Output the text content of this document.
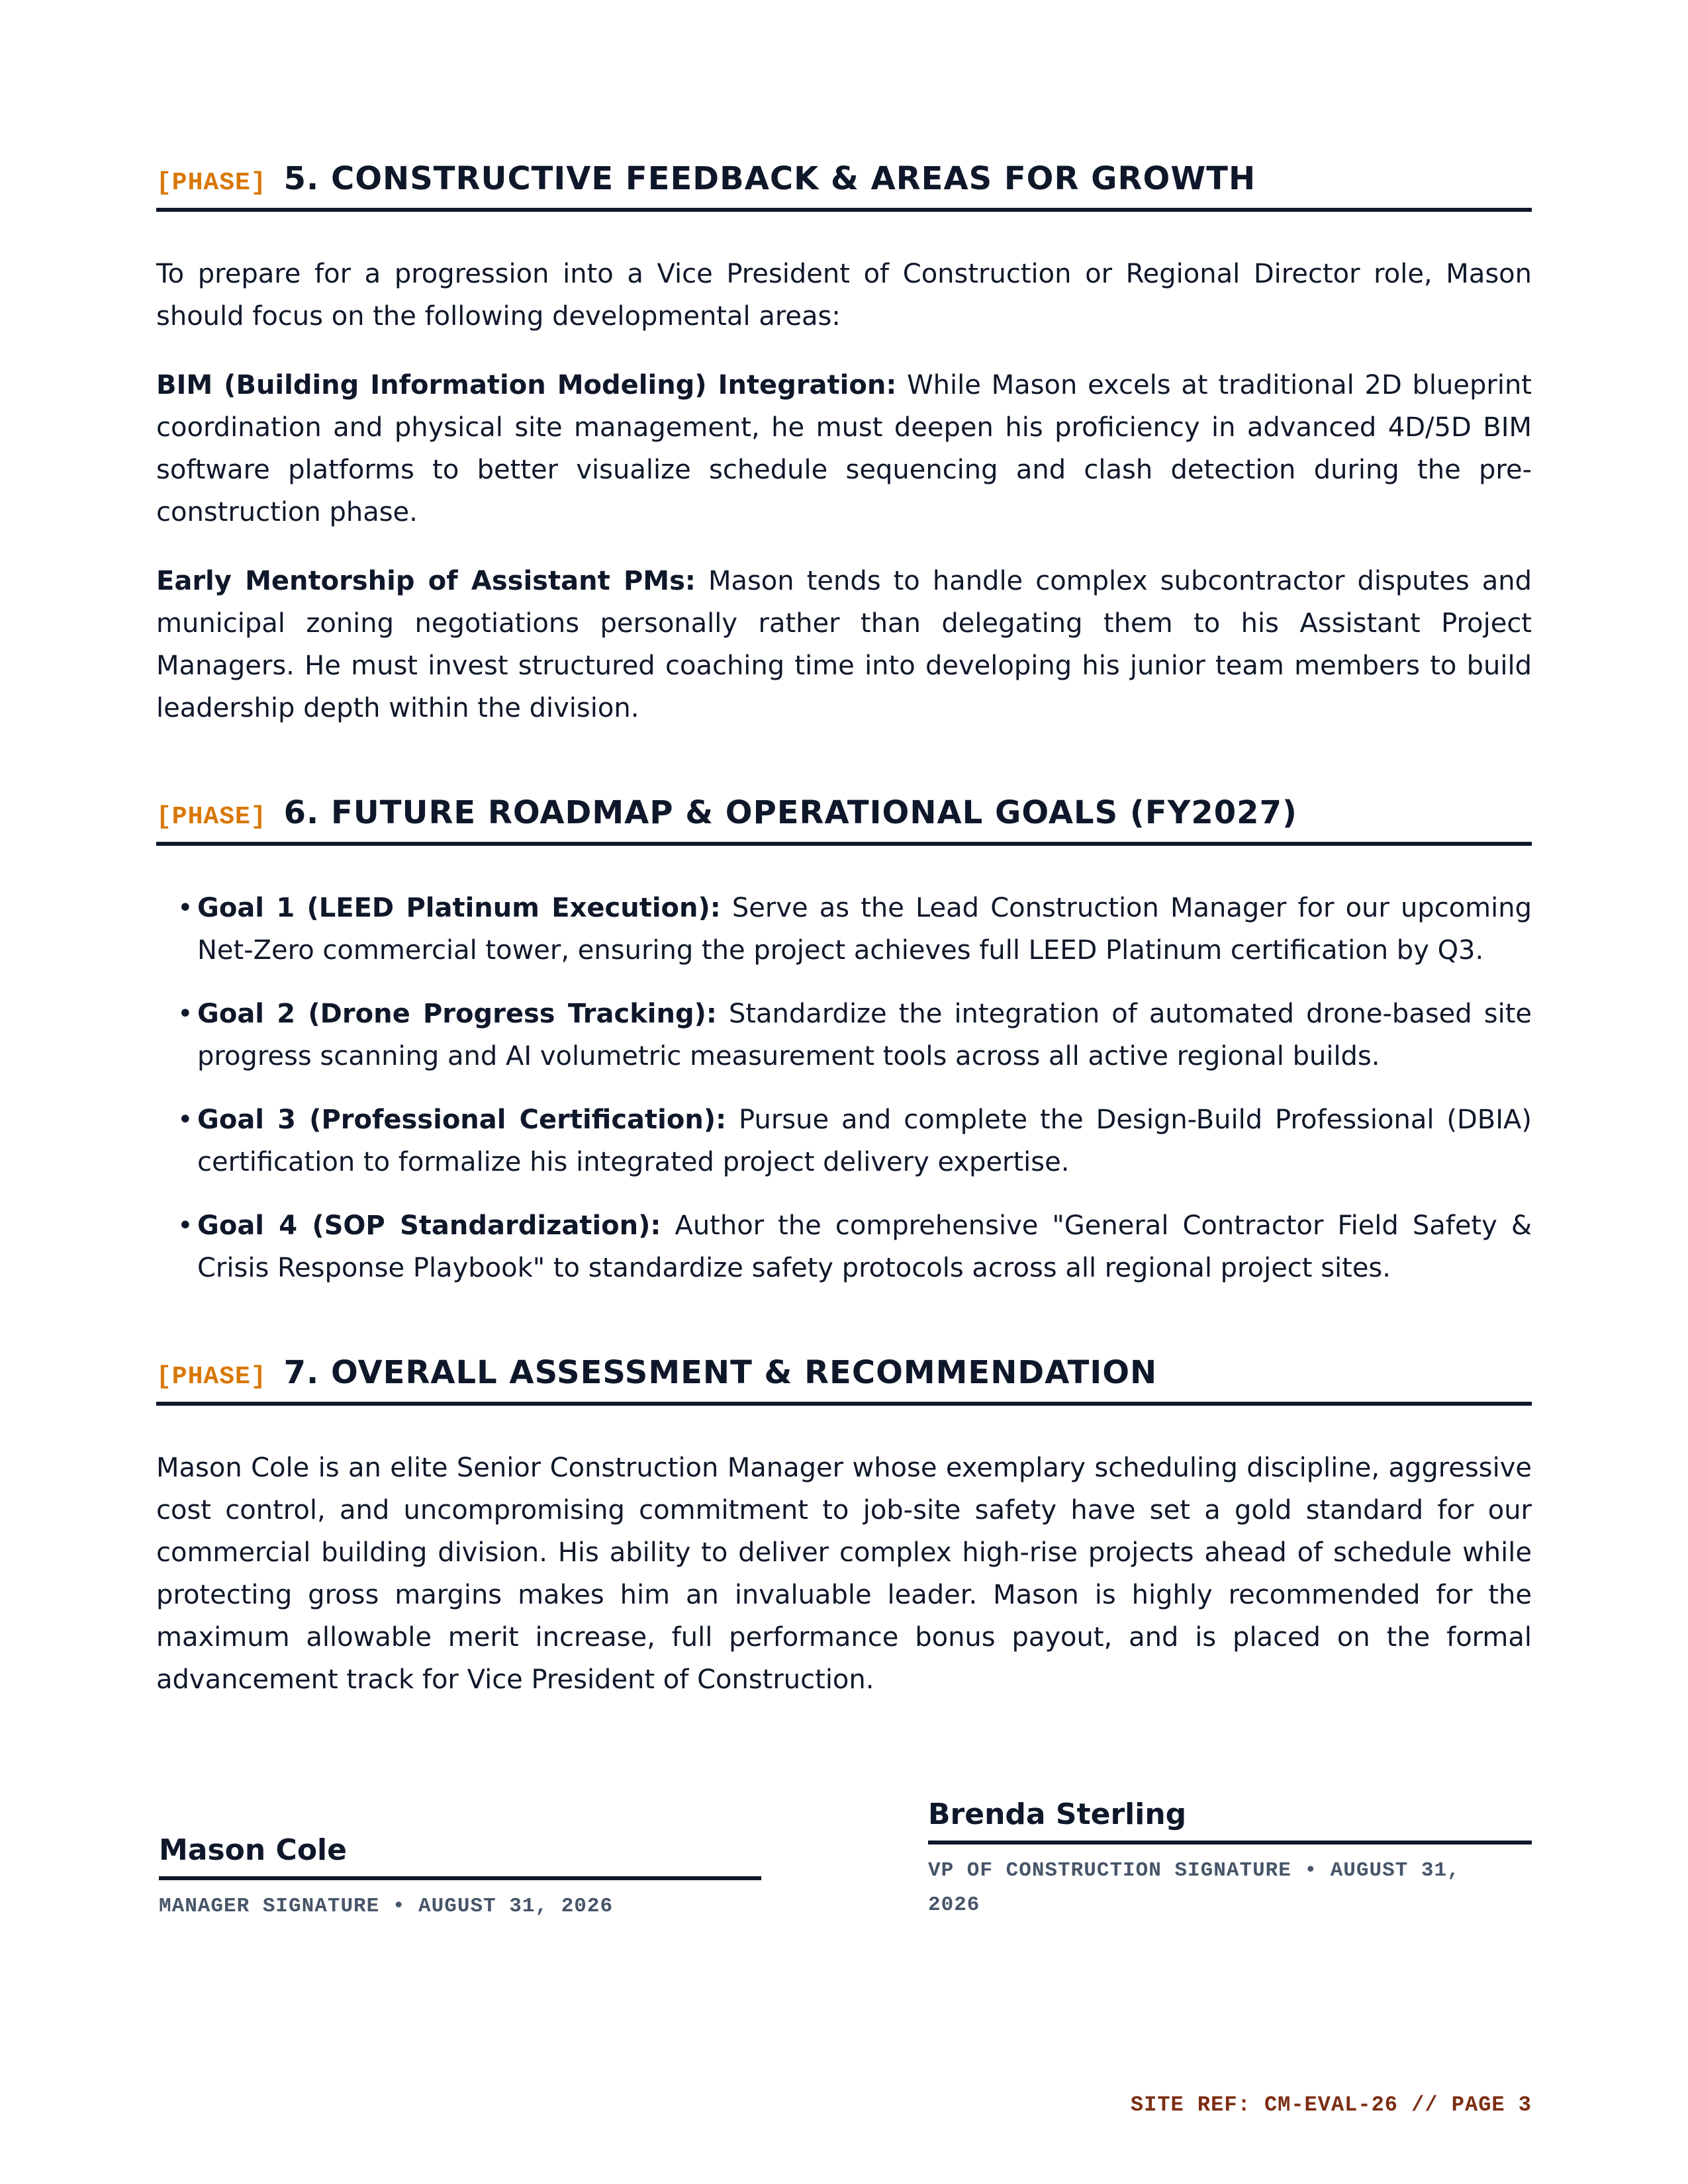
[PHASE] 5. CONSTRUCTIVE FEEDBACK & AREAS FOR GROWTH

To prepare for a progression into a Vice President of Construction or Regional Director role, Mason should focus on the following developmental areas:

BIM (Building Information Modeling) Integration: While Mason excels at traditional 2D blueprint coordination and physical site management, he must deepen his proficiency in advanced 4D/5D BIM software platforms to better visualize schedule sequencing and clash detection during the pre-construction phase.

Early Mentorship of Assistant PMs: Mason tends to handle complex subcontractor disputes and municipal zoning negotiations personally rather than delegating them to his Assistant Project Managers. He must invest structured coaching time into developing his junior team members to build leadership depth within the division.

[PHASE] 6. FUTURE ROADMAP & OPERATIONAL GOALS (FY2027)
• Goal 1 (LEED Platinum Execution): Serve as the Lead Construction Manager for our upcoming Net-Zero commercial tower, ensuring the project achieves full LEED Platinum certification by Q3.
• Goal 2 (Drone Progress Tracking): Standardize the integration of automated drone-based site progress scanning and AI volumetric measurement tools across all active regional builds.
• Goal 3 (Professional Certification): Pursue and complete the Design-Build Professional (DBIA) certification to formalize his integrated project delivery expertise.
• Goal 4 (SOP Standardization): Author the comprehensive "General Contractor Field Safety & Crisis Response Playbook" to standardize safety protocols across all regional project sites.
[PHASE] 7. OVERALL ASSESSMENT & RECOMMENDATION

Mason Cole is an elite Senior Construction Manager whose exemplary scheduling discipline, aggressive cost control, and uncompromising commitment to job-site safety have set a gold standard for our commercial building division. His ability to deliver complex high-rise projects ahead of schedule while protecting gross margins makes him an invaluable leader. Mason is highly recommended for the maximum allowable merit increase, full performance bonus payout, and is placed on the formal advancement track for Vice President of Construction.

Mason Cole
MANAGER SIGNATURE • AUGUST 31, 2026
Brenda Sterling
VP OF CONSTRUCTION SIGNATURE • AUGUST 31, 2026
SITE REF: CM-EVAL-26 // PAGE 3
